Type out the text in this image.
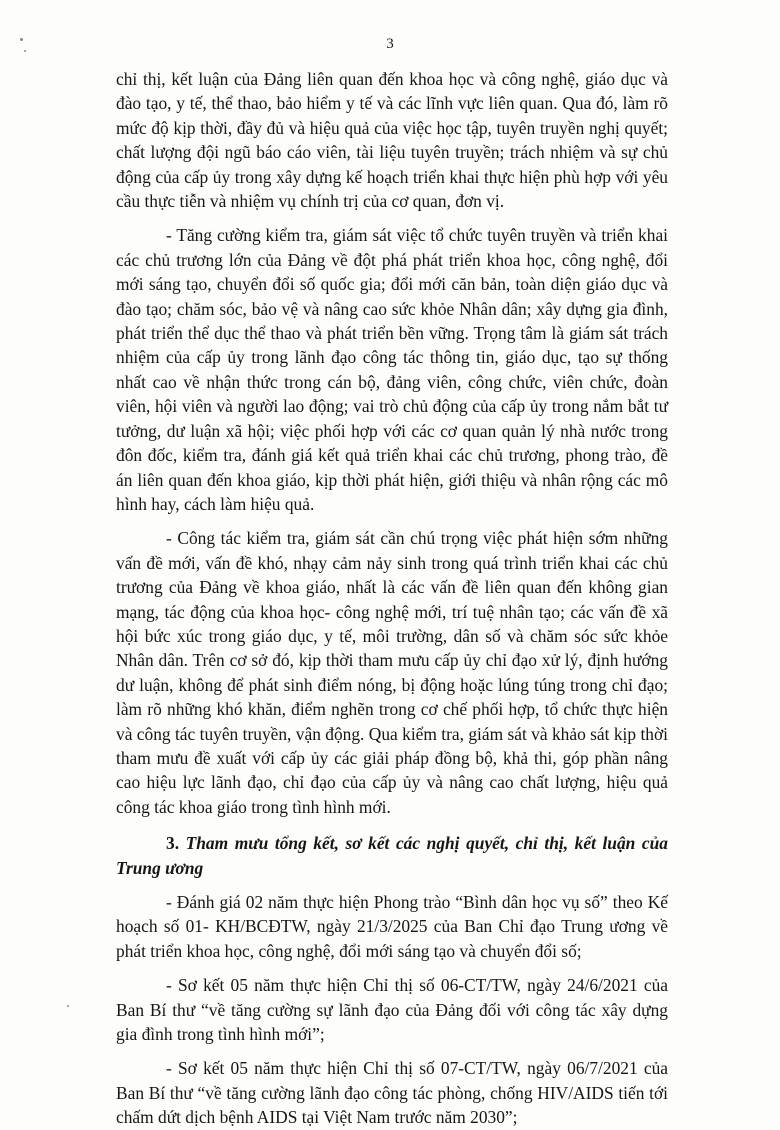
3

chỉ thị, kết luận của Đảng liên quan đến khoa học và công nghệ, giáo dục và đào tạo, y tế, thể thao, bảo hiểm y tế và các lĩnh vực liên quan. Qua đó, làm rõ mức độ kịp thời, đầy đủ và hiệu quả của việc học tập, tuyên truyền nghị quyết; chất lượng đội ngũ báo cáo viên, tài liệu tuyên truyền; trách nhiệm và sự chủ động của cấp ủy trong xây dựng kế hoạch triển khai thực hiện phù hợp với yêu cầu thực tiễn và nhiệm vụ chính trị của cơ quan, đơn vị.

- Tăng cường kiểm tra, giám sát việc tổ chức tuyên truyền và triển khai các chủ trương lớn của Đảng về đột phá phát triển khoa học, công nghệ, đổi mới sáng tạo, chuyển đổi số quốc gia; đổi mới căn bản, toàn diện giáo dục và đào tạo; chăm sóc, bảo vệ và nâng cao sức khỏe Nhân dân; xây dựng gia đình, phát triển thể dục thể thao và phát triển bền vững. Trọng tâm là giám sát trách nhiệm của cấp ủy trong lãnh đạo công tác thông tin, giáo dục, tạo sự thống nhất cao về nhận thức trong cán bộ, đảng viên, công chức, viên chức, đoàn viên, hội viên và người lao động; vai trò chủ động của cấp ủy trong nắm bắt tư tưởng, dư luận xã hội; việc phối hợp với các cơ quan quản lý nhà nước trong đôn đốc, kiểm tra, đánh giá kết quả triển khai các chủ trương, phong trào, đề án liên quan đến khoa giáo, kịp thời phát hiện, giới thiệu và nhân rộng các mô hình hay, cách làm hiệu quả.

- Công tác kiểm tra, giám sát cần chú trọng việc phát hiện sớm những vấn đề mới, vấn đề khó, nhạy cảm nảy sinh trong quá trình triển khai các chủ trương của Đảng về khoa giáo, nhất là các vấn đề liên quan đến không gian mạng, tác động của khoa học- công nghệ mới, trí tuệ nhân tạo; các vấn đề xã hội bức xúc trong giáo dục, y tế, môi trường, dân số và chăm sóc sức khỏe Nhân dân. Trên cơ sở đó, kịp thời tham mưu cấp ủy chỉ đạo xử lý, định hướng dư luận, không để phát sinh điểm nóng, bị động hoặc lúng túng trong chỉ đạo; làm rõ những khó khăn, điểm nghẽn trong cơ chế phối hợp, tổ chức thực hiện và công tác tuyên truyền, vận động. Qua kiểm tra, giám sát và khảo sát kịp thời tham mưu đề xuất với cấp ủy các giải pháp đồng bộ, khả thi, góp phần nâng cao hiệu lực lãnh đạo, chỉ đạo của cấp ủy và nâng cao chất lượng, hiệu quả công tác khoa giáo trong tình hình mới.

3. Tham mưu tổng kết, sơ kết các nghị quyết, chỉ thị, kết luận của Trung ương

- Đánh giá 02 năm thực hiện Phong trào “Bình dân học vụ số” theo Kế hoạch số 01- KH/BCĐTW, ngày 21/3/2025 của Ban Chỉ đạo Trung ương về phát triển khoa học, công nghệ, đổi mới sáng tạo và chuyển đổi số;

- Sơ kết 05 năm thực hiện Chỉ thị số 06-CT/TW, ngày 24/6/2021 của Ban Bí thư “về tăng cường sự lãnh đạo của Đảng đối với công tác xây dựng gia đình trong tình hình mới”;

- Sơ kết 05 năm thực hiện Chỉ thị số 07-CT/TW, ngày 06/7/2021 của Ban Bí thư “về tăng cường lãnh đạo công tác phòng, chống HIV/AIDS tiến tới chấm dứt dịch bệnh AIDS tại Việt Nam trước năm 2030”;
